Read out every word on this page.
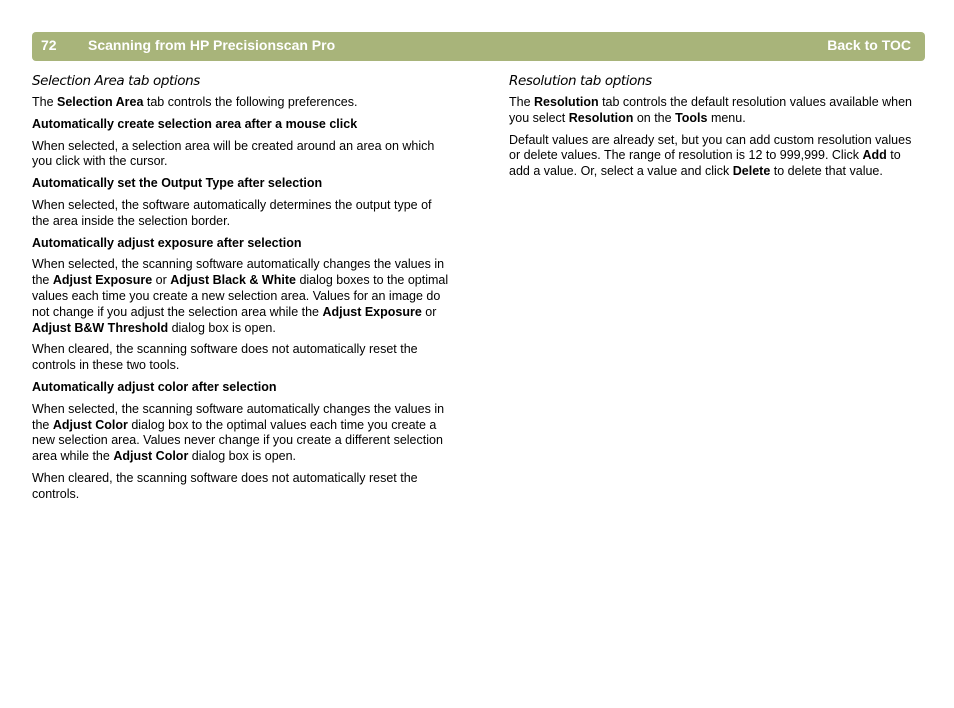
72 Scanning from HP Precisionscan Pro	Back to TOC
Selection Area tab options

The Selection Area tab controls the following preferences.

Automatically create selection area after a mouse click

When selected, a selection area will be created around an area on which you click with the cursor.

Automatically set the Output Type after selection

When selected, the software automatically determines the output type of the area inside the selection border.

Automatically adjust exposure after selection

When selected, the scanning software automatically changes the values in the Adjust Exposure or Adjust Black & White dialog boxes to the optimal values each time you create a new selection area. Values for an image do not change if you adjust the selection area while the Adjust Exposure or Adjust B&W Threshold dialog box is open.

When cleared, the scanning software does not automatically reset the controls in these two tools.

Automatically adjust color after selection

When selected, the scanning software automatically changes the values in the Adjust Color dialog box to the optimal values each time you create a new selection area. Values never change if you create a different selection area while the Adjust Color dialog box is open.

When cleared, the scanning software does not automatically reset the controls.

Resolution tab options

The Resolution tab controls the default resolution values available when you select Resolution on the Tools menu.

Default values are already set, but you can add custom resolution values or delete values. The range of resolution is 12 to 999,999. Click Add to add a value. Or, select a value and click Delete to delete that value.
